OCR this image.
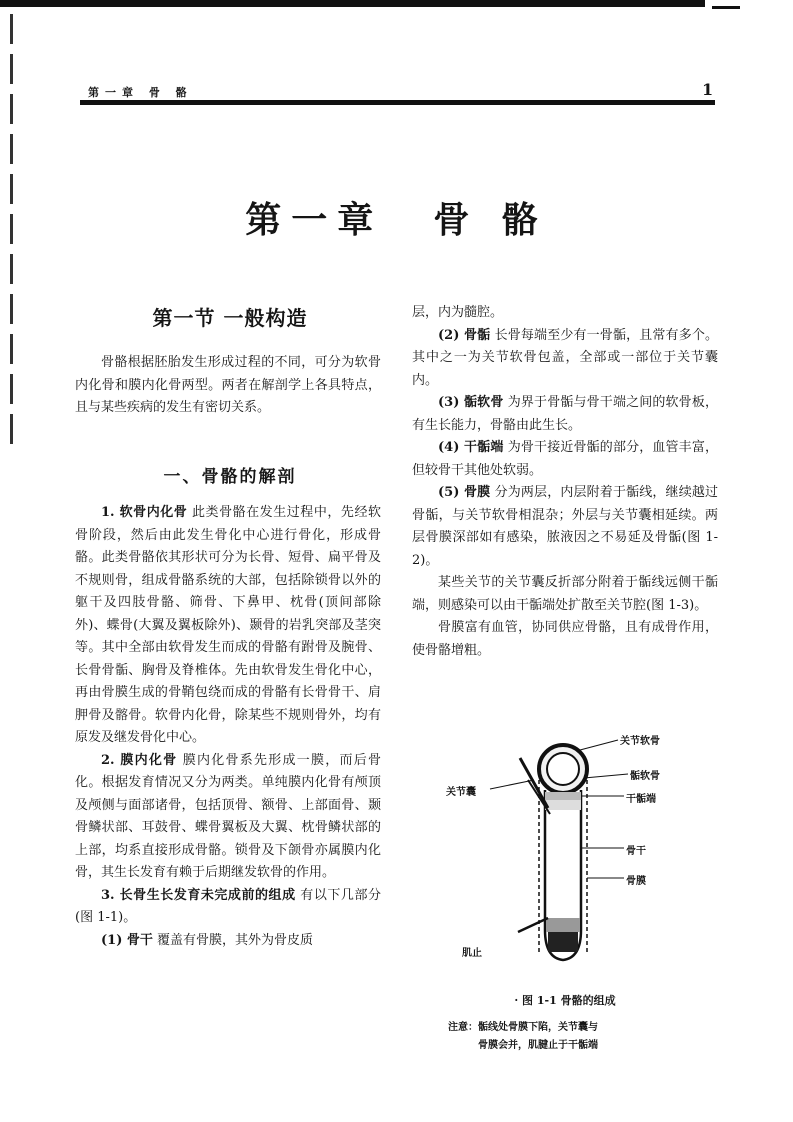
第一章 骨 骼	1
第一章 骨 骼
第一节 一般构造

骨骼根据胚胎发生形成过程的不同，可分为软骨内化骨和膜内化骨两型。两者在解剖学上各具特点，且与某些疾病的发生有密切关系。

一、骨骼的解剖

1. 软骨内化骨 此类骨骼在发生过程中，先经软骨阶段，然后由此发生骨化中心进行骨化，形成骨骼。此类骨骼依其形状可分为长骨、短骨、扁平骨及不规则骨，组成骨骼系统的大部，包括除锁骨以外的躯干及四肢骨骼、筛骨、下鼻甲、枕骨(顶间部除外)、蝶骨(大翼及翼板除外)、颞骨的岩乳突部及茎突等。其中全部由软骨发生而成的骨骼有跗骨及腕骨、长骨骨骺、胸骨及脊椎体。先由软骨发生骨化中心，再由骨膜生成的骨鞘包绕而成的骨骼有长骨骨干、肩胛骨及髂骨。软骨内化骨，除某些不规则骨外，均有原发及继发骨化中心。

2. 膜内化骨 膜内化骨系先形成一膜，而后骨化。根据发育情况又分为两类。单纯膜内化骨有颅顶及颅侧与面部诸骨，包括顶骨、额骨、上部面骨、颞骨鳞状部、耳鼓骨、蝶骨翼板及大翼、枕骨鳞状部的上部，均系直接形成骨骼。锁骨及下颌骨亦属膜内化骨，其生长发育有赖于后期继发软骨的作用。

3. 长骨生长发育未完成前的组成 有以下几部分(图 1-1)。

(1) 骨干 覆盖有骨膜，其外为骨皮质

层，内为髓腔。

(2) 骨骺 长骨每端至少有一骨骺，且常有多个。其中之一为关节软骨包盖，全部或一部位于关节囊内。

(3) 骺软骨 为界于骨骺与骨干端之间的软骨板，有生长能力，骨骼由此生长。

(4) 干骺端 为骨干接近骨骺的部分，血管丰富，但较骨干其他处软弱。

(5) 骨膜 分为两层，内层附着于骺线，继续越过骨骺，与关节软骨相混杂；外层与关节囊相延续。两层骨膜深部如有感染，脓液因之不易延及骨骺(图 1-2)。

某些关节的关节囊反折部分附着于骺线远侧干骺端，则感染可以由干骺端处扩散至关节腔(图 1-3)。

骨膜富有血管，协同供应骨骼，且有成骨作用，使骨骼增粗。

关节软骨
骺软骨
关节囊
干骺端
骨干
骨膜
肌止
· 图 1-1 骨骼的组成
注意：骺线处骨膜下陷，关节囊与
骨膜会并，肌腱止于干骺端
